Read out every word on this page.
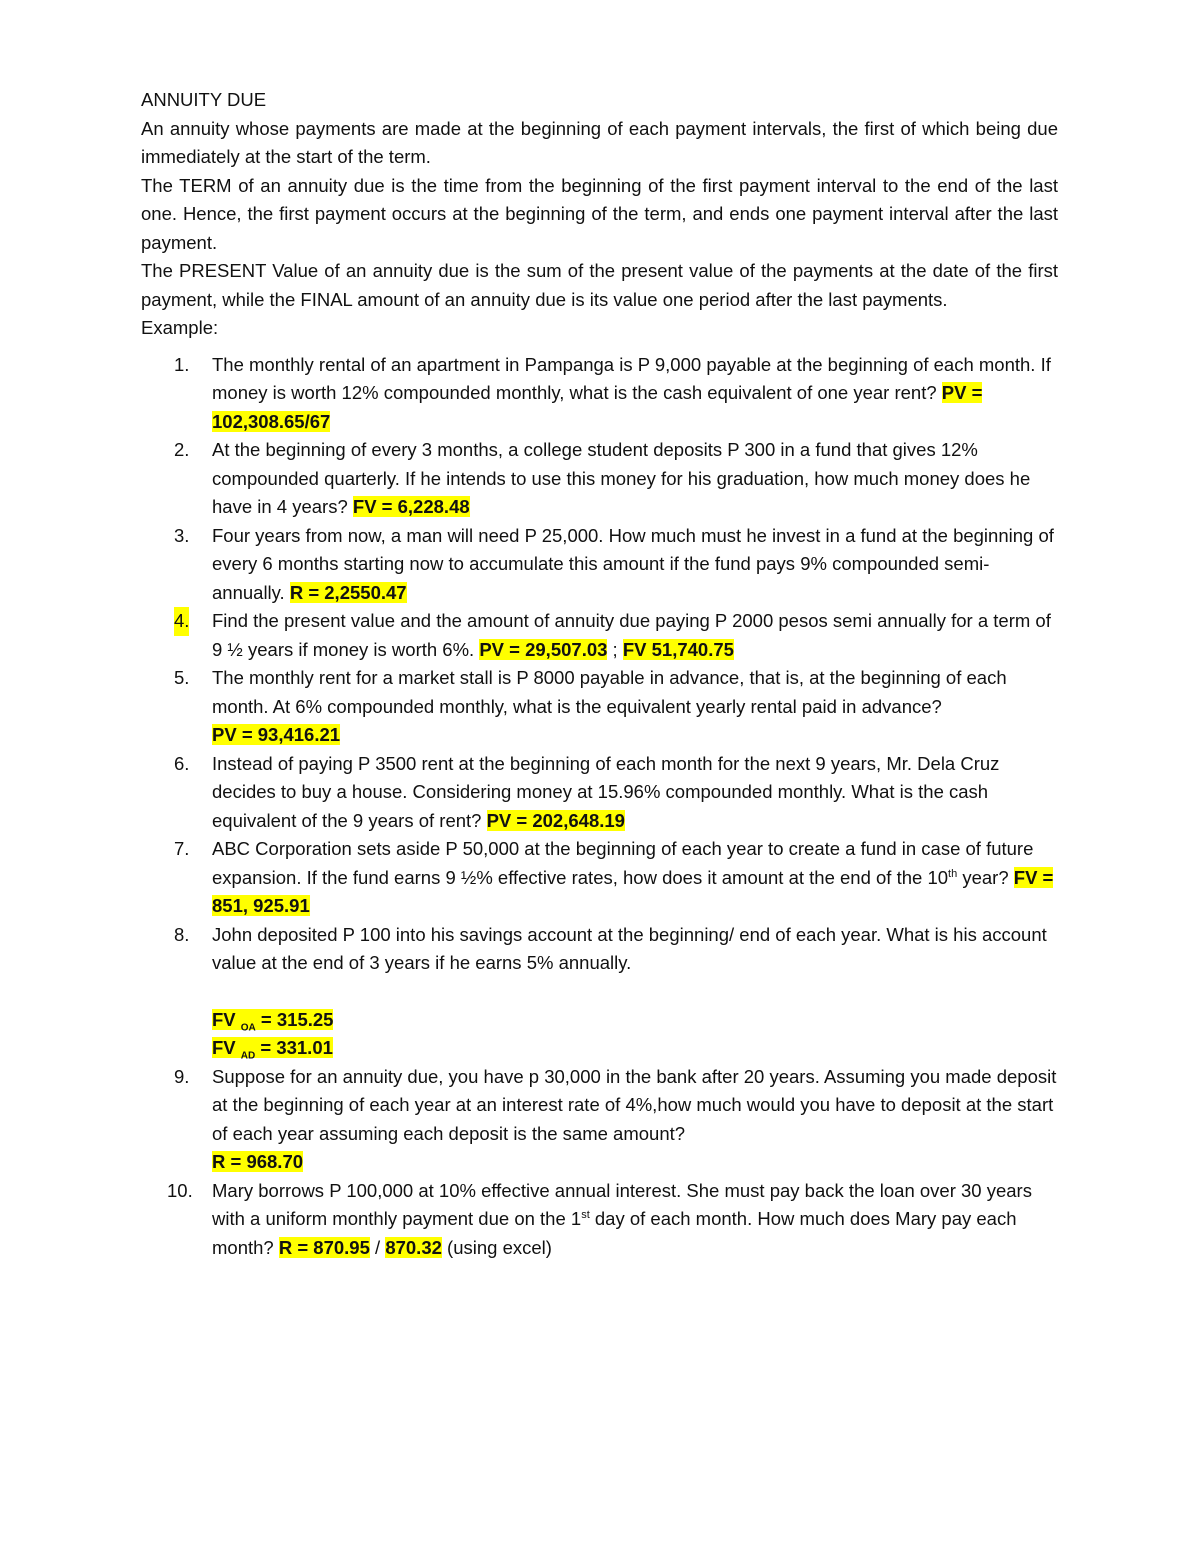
ANNUITY DUE

An annuity whose payments are made at the beginning of each payment intervals, the first of which being due immediately at the start of the term.

The TERM of an annuity due is the time from the beginning of the first payment interval to the end of the last one. Hence, the first payment occurs at the beginning of the term, and ends one payment interval after the last payment.

The PRESENT Value of an annuity due is the sum of the present value of the payments at the date of the first payment, while the FINAL amount of an annuity due is its value one period after the last payments.

Example:

1. The monthly rental of an apartment in Pampanga is P 9,000 payable at the beginning of each month. If money is worth 12% compounded monthly, what is the cash equivalent of one year rent? PV = 102,308.65/67
2. At the beginning of every 3 months, a college student deposits P 300 in a fund that gives 12% compounded quarterly. If he intends to use this money for his graduation, how much money does he have in 4 years? FV = 6,228.48
3. Four years from now, a man will need P 25,000. How much must he invest in a fund at the beginning of every 6 months starting now to accumulate this amount if the fund pays 9% compounded semi-annually. R = 2,2550.47
4. Find the present value and the amount of annuity due paying P 2000 pesos semi annually for a term of 9 ½ years if money is worth 6%. PV = 29,507.03 ; FV 51,740.75
5. The monthly rent for a market stall is P 8000 payable in advance, that is, at the beginning of each month. At 6% compounded monthly, what is the equivalent yearly rental paid in advance?
PV = 93,416.21
6. Instead of paying P 3500 rent at the beginning of each month for the next 9 years, Mr. Dela Cruz decides to buy a house. Considering money at 15.96% compounded monthly. What is the cash equivalent of the 9 years of rent? PV = 202,648.19
7. ABC Corporation sets aside P 50,000 at the beginning of each year to create a fund in case of future expansion. If the fund earns 9 ½% effective rates, how does it amount at the end of the 10th year? FV = 851, 925.91
8. John deposited P 100 into his savings account at the beginning/ end of each year. What is his account value at the end of 3 years if he earns 5% annually.
FV $_{OA}$ = 315.25
FV $_{AD}$ = 331.01
9. Suppose for an annuity due, you have p 30,000 in the bank after 20 years. Assuming you made deposit at the beginning of each year at an interest rate of 4%,how much would you have to deposit at the start of each year assuming each deposit is the same amount?
R = 968.70
10. Mary borrows P 100,000 at 10% effective annual interest. She must pay back the loan over 30 years with a uniform monthly payment due on the 1st day of each month. How much does Mary pay each month? R = 870.95 / 870.32 (using excel)
